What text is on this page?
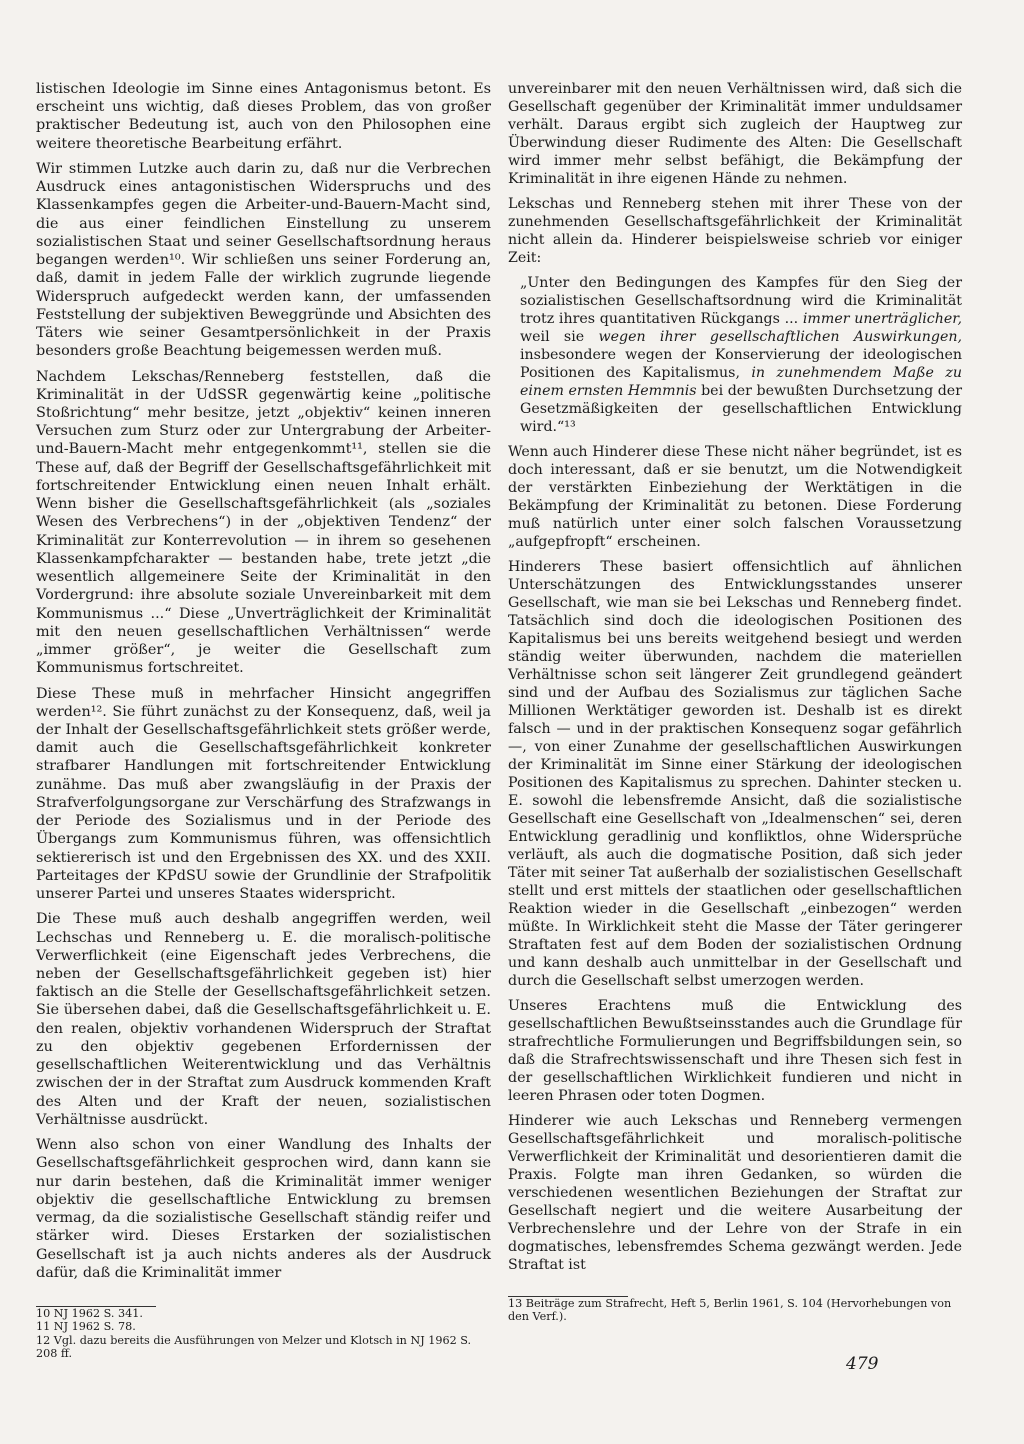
listischen Ideologie im Sinne eines Antagonismus betont. Es erscheint uns wichtig, daß dieses Problem, das von großer praktischer Bedeutung ist, auch von den Philosophen eine weitere theoretische Bearbeitung erfährt.

Wir stimmen Lutzke auch darin zu, daß nur die Verbrechen Ausdruck eines antagonistischen Widerspruchs und des Klassenkampfes gegen die Arbeiter-und-Bauern-Macht sind, die aus einer feindlichen Einstellung zu unserem sozialistischen Staat und seiner Gesellschaftsordnung heraus begangen werden¹⁰. Wir schließen uns seiner Forderung an, daß, damit in jedem Falle der wirklich zugrunde liegende Widerspruch aufgedeckt werden kann, der umfassenden Feststellung der subjektiven Beweggründe und Absichten des Täters wie seiner Gesamtpersönlichkeit in der Praxis besonders große Beachtung beigemessen werden muß.

Nachdem Lekschas/Renneberg feststellen, daß die Kriminalität in der UdSSR gegenwärtig keine „politische Stoßrichtung“ mehr besitze, jetzt „objektiv“ keinen inneren Versuchen zum Sturz oder zur Untergrabung der Arbeiter-und-Bauern-Macht mehr entgegenkommt¹¹, stellen sie die These auf, daß der Begriff der Gesellschaftsgefährlichkeit mit fortschreitender Entwicklung einen neuen Inhalt erhält. Wenn bisher die Gesellschaftsgefährlichkeit (als „soziales Wesen des Verbrechens“) in der „objektiven Tendenz“ der Kriminalität zur Konterrevolution — in ihrem so gesehenen Klassenkampfcharakter — bestanden habe, trete jetzt „die wesentlich allgemeinere Seite der Kriminalität in den Vordergrund: ihre absolute soziale Unvereinbarkeit mit dem Kommunismus ...“ Diese „Unverträglichkeit der Kriminalität mit den neuen gesellschaftlichen Verhältnissen“ werde „immer größer“, je weiter die Gesellschaft zum Kommunismus fortschreitet.

Diese These muß in mehrfacher Hinsicht angegriffen werden¹². Sie führt zunächst zu der Konsequenz, daß, weil ja der Inhalt der Gesellschaftsgefährlichkeit stets größer werde, damit auch die Gesellschaftsgefährlichkeit konkreter strafbarer Handlungen mit fortschreitender Entwicklung zunähme. Das muß aber zwangsläufig in der Praxis der Strafverfolgungsorgane zur Verschärfung des Strafzwangs in der Periode des Sozialismus und in der Periode des Übergangs zum Kommunismus führen, was offensichtlich sektiererisch ist und den Ergebnissen des XX. und des XXII. Parteitages der KPdSU sowie der Grundlinie der Strafpolitik unserer Partei und unseres Staates widerspricht.

Die These muß auch deshalb angegriffen werden, weil Lechschas und Renneberg u. E. die moralisch-politische Verwerflichkeit (eine Eigenschaft jedes Verbrechens, die neben der Gesellschaftsgefährlichkeit gegeben ist) hier faktisch an die Stelle der Gesellschaftsgefährlichkeit setzen. Sie übersehen dabei, daß die Gesellschaftsgefährlichkeit u. E. den realen, objektiv vorhandenen Widerspruch der Straftat zu den objektiv gegebenen Erfordernissen der gesellschaftlichen Weiterentwicklung und das Verhältnis zwischen der in der Straftat zum Ausdruck kommenden Kraft des Alten und der Kraft der neuen, sozialistischen Verhältnisse ausdrückt.

Wenn also schon von einer Wandlung des Inhalts der Gesellschaftsgefährlichkeit gesprochen wird, dann kann sie nur darin bestehen, daß die Kriminalität immer weniger objektiv die gesellschaftliche Entwicklung zu bremsen vermag, da die sozialistische Gesellschaft ständig reifer und stärker wird. Dieses Erstarken der sozialistischen Gesellschaft ist ja auch nichts anderes als der Ausdruck dafür, daß die Kriminalität immer

unvereinbarer mit den neuen Verhältnissen wird, daß sich die Gesellschaft gegenüber der Kriminalität immer unduldsamer verhält. Daraus ergibt sich zugleich der Hauptweg zur Überwindung dieser Rudimente des Alten: Die Gesellschaft wird immer mehr selbst befähigt, die Bekämpfung der Kriminalität in ihre eigenen Hände zu nehmen.

Lekschas und Renneberg stehen mit ihrer These von der zunehmenden Gesellschaftsgefährlichkeit der Kriminalität nicht allein da. Hinderer beispielsweise schrieb vor einiger Zeit:

„Unter den Bedingungen des Kampfes für den Sieg der sozialistischen Gesellschaftsordnung wird die Kriminalität trotz ihres quantitativen Rückgangs ... immer unerträglicher, weil sie wegen ihrer gesellschaftlichen Auswirkungen, insbesondere wegen der Konservierung der ideologischen Positionen des Kapitalismus, in zunehmendem Maße zu einem ernsten Hemmnis bei der bewußten Durchsetzung der Gesetzmäßigkeiten der gesellschaftlichen Entwicklung wird.“¹³

Wenn auch Hinderer diese These nicht näher begründet, ist es doch interessant, daß er sie benutzt, um die Notwendigkeit der verstärkten Einbeziehung der Werktätigen in die Bekämpfung der Kriminalität zu betonen. Diese Forderung muß natürlich unter einer solch falschen Voraussetzung „aufgepfropft“ erscheinen.

Hinderers These basiert offensichtlich auf ähnlichen Unterschätzungen des Entwicklungsstandes unserer Gesellschaft, wie man sie bei Lekschas und Renneberg findet. Tatsächlich sind doch die ideologischen Positionen des Kapitalismus bei uns bereits weitgehend besiegt und werden ständig weiter überwunden, nachdem die materiellen Verhältnisse schon seit längerer Zeit grundlegend geändert sind und der Aufbau des Sozialismus zur täglichen Sache Millionen Werktätiger geworden ist. Deshalb ist es direkt falsch — und in der praktischen Konsequenz sogar gefährlich —, von einer Zunahme der gesellschaftlichen Auswirkungen der Kriminalität im Sinne einer Stärkung der ideologischen Positionen des Kapitalismus zu sprechen. Dahinter stecken u. E. sowohl die lebensfremde Ansicht, daß die sozialistische Gesellschaft eine Gesellschaft von „Idealmenschen“ sei, deren Entwicklung geradlinig und konfliktlos, ohne Widersprüche verläuft, als auch die dogmatische Position, daß sich jeder Täter mit seiner Tat außerhalb der sozialistischen Gesellschaft stellt und erst mittels der staatlichen oder gesellschaftlichen Reaktion wieder in die Gesellschaft „einbezogen“ werden müßte. In Wirklichkeit steht die Masse der Täter geringerer Straftaten fest auf dem Boden der sozialistischen Ordnung und kann deshalb auch unmittelbar in der Gesellschaft und durch die Gesellschaft selbst umerzogen werden.

Unseres Erachtens muß die Entwicklung des gesellschaftlichen Bewußtseinsstandes auch die Grundlage für strafrechtliche Formulierungen und Begriffsbildungen sein, so daß die Strafrechtswissenschaft und ihre Thesen sich fest in der gesellschaftlichen Wirklichkeit fundieren und nicht in leeren Phrasen oder toten Dogmen.

Hinderer wie auch Lekschas und Renneberg vermengen Gesellschaftsgefährlichkeit und moralisch-politische Verwerflichkeit der Kriminalität und desorientieren damit die Praxis. Folgte man ihren Gedanken, so würden die verschiedenen wesentlichen Beziehungen der Straftat zur Gesellschaft negiert und die weitere Ausarbeitung der Verbrechenslehre und der Lehre von der Strafe in ein dogmatisches, lebensfremdes Schema gezwängt werden. Jede Straftat ist

10 NJ 1962 S. 341.
11 NJ 1962 S. 78.
12 Vgl. dazu bereits die Ausführungen von Melzer und Klotsch in NJ 1962 S. 208 ff.
13 Beiträge zum Strafrecht, Heft 5, Berlin 1961, S. 104 (Hervorhebungen von den Verf.).
479
